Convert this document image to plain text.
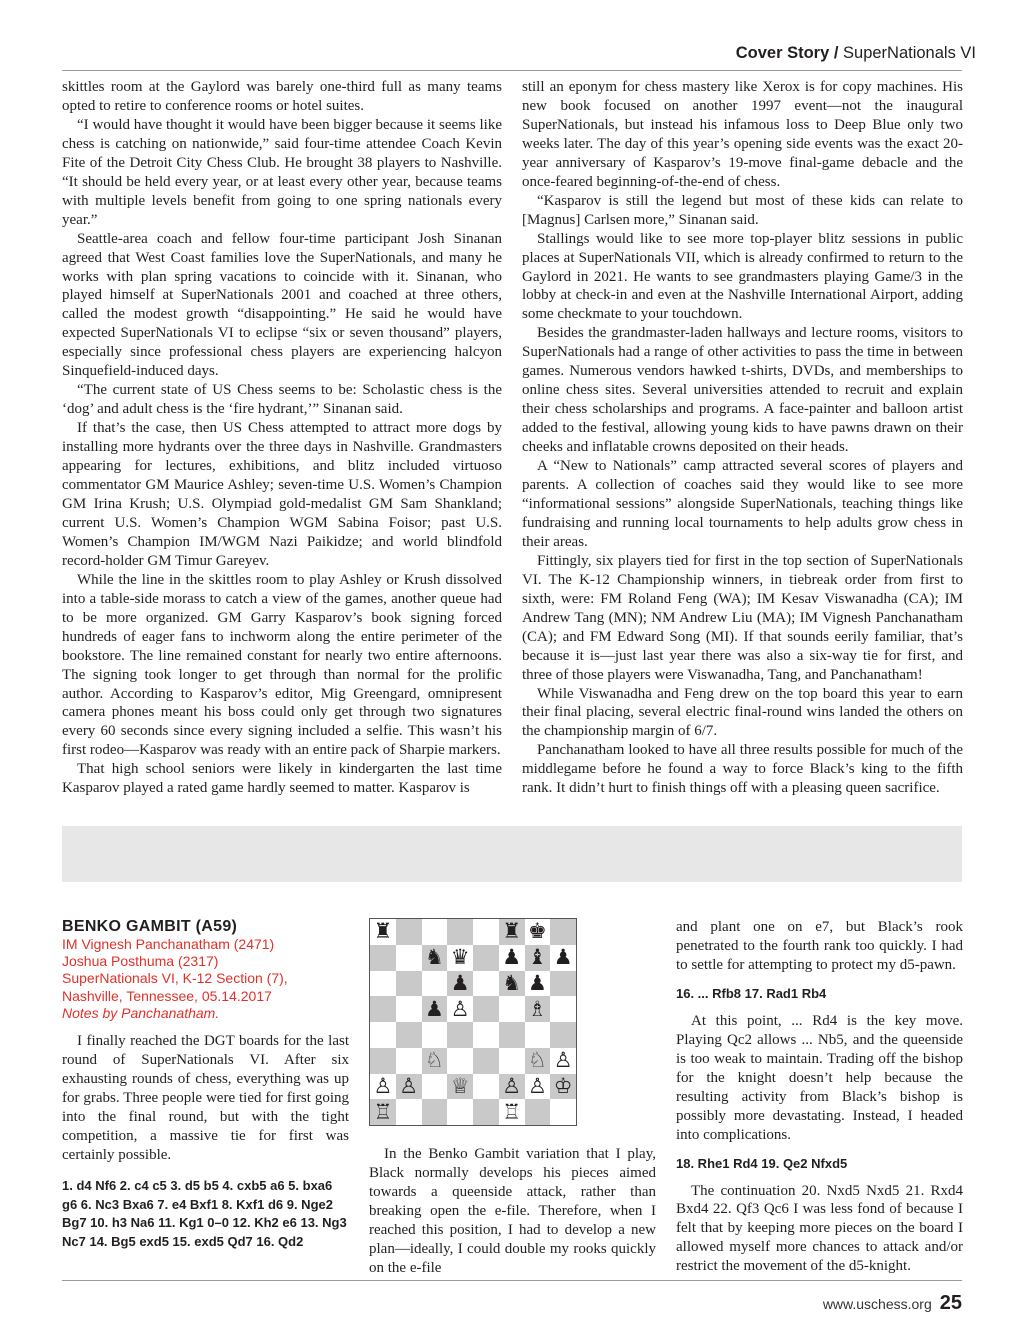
Cover Story / SuperNationals VI

skittles room at the Gaylord was barely one-third full as many teams opted to retire to conference rooms or hotel suites.

“I would have thought it would have been bigger because it seems like chess is catching on nationwide,” said four-time attendee Coach Kevin Fite of the Detroit City Chess Club. He brought 38 players to Nashville. “It should be held every year, or at least every other year, because teams with multiple levels benefit from going to one spring nationals every year.”

Seattle-area coach and fellow four-time participant Josh Sinanan agreed that West Coast families love the SuperNationals, and many he works with plan spring vacations to coincide with it. Sinanan, who played himself at SuperNationals 2001 and coached at three others, called the modest growth “disappointing.” He said he would have expected SuperNationals VI to eclipse “six or seven thousand” players, especially since professional chess players are experiencing halcyon Sinquefield-induced days.

“The current state of US Chess seems to be: Scholastic chess is the ‘dog’ and adult chess is the ‘fire hydrant,’” Sinanan said.

If that’s the case, then US Chess attempted to attract more dogs by installing more hydrants over the three days in Nashville. Grandmasters appearing for lectures, exhibitions, and blitz included virtuoso commentator GM Maurice Ashley; seven-time U.S. Women’s Champion GM Irina Krush; U.S. Olympiad gold-medalist GM Sam Shankland; current U.S. Women’s Champion WGM Sabina Foisor; past U.S. Women’s Champion IM/WGM Nazi Paikidze; and world blindfold record-holder GM Timur Gareyev.

While the line in the skittles room to play Ashley or Krush dissolved into a table-side morass to catch a view of the games, another queue had to be more organized. GM Garry Kasparov’s book signing forced hundreds of eager fans to inchworm along the entire perimeter of the bookstore. The line remained constant for nearly two entire afternoons. The signing took longer to get through than normal for the prolific author. According to Kasparov’s editor, Mig Greengard, omnipresent camera phones meant his boss could only get through two signatures every 60 seconds since every signing included a selfie. This wasn’t his first rodeo—Kasparov was ready with an entire pack of Sharpie markers.

That high school seniors were likely in kindergarten the last time Kasparov played a rated game hardly seemed to matter. Kasparov is

still an eponym for chess mastery like Xerox is for copy machines. His new book focused on another 1997 event—not the inaugural SuperNationals, but instead his infamous loss to Deep Blue only two weeks later. The day of this year’s opening side events was the exact 20-year anniversary of Kasparov’s 19-move final-game debacle and the once-feared beginning-of-the-end of chess.

“Kasparov is still the legend but most of these kids can relate to [Magnus] Carlsen more,” Sinanan said.

Stallings would like to see more top-player blitz sessions in public places at SuperNationals VII, which is already confirmed to return to the Gaylord in 2021. He wants to see grandmasters playing Game/3 in the lobby at check-in and even at the Nashville International Airport, adding some checkmate to your touchdown.

Besides the grandmaster-laden hallways and lecture rooms, visitors to SuperNationals had a range of other activities to pass the time in between games. Numerous vendors hawked t-shirts, DVDs, and memberships to online chess sites. Several universities attended to recruit and explain their chess scholarships and programs. A face-painter and balloon artist added to the festival, allowing young kids to have pawns drawn on their cheeks and inflatable crowns deposited on their heads.

A “New to Nationals” camp attracted several scores of players and parents. A collection of coaches said they would like to see more “informational sessions” alongside SuperNationals, teaching things like fundraising and running local tournaments to help adults grow chess in their areas.

Fittingly, six players tied for first in the top section of SuperNationals VI. The K-12 Championship winners, in tiebreak order from first to sixth, were: FM Roland Feng (WA); IM Kesav Viswanadha (CA); IM Andrew Tang (MN); NM Andrew Liu (MA); IM Vignesh Panchanatham (CA); and FM Edward Song (MI). If that sounds eerily familiar, that’s because it is—just last year there was also a six-way tie for first, and three of those players were Viswanadha, Tang, and Panchanatham!

While Viswanadha and Feng drew on the top board this year to earn their final placing, several electric final-round wins landed the others on the championship margin of 6/7.

Panchanatham looked to have all three results possible for much of the middlegame before he found a way to force Black’s king to the fifth rank. It didn’t hurt to finish things off with a pleasing queen sacrifice.

BENKO GAMBIT (A59)
IM Vignesh Panchanatham (2471)
Joshua Posthuma (2317)
SuperNationals VI, K-12 Section (7),
Nashville, Tennessee, 05.14.2017
Notes by Panchanatham.

I finally reached the DGT boards for the last round of SuperNationals VI. After six exhausting rounds of chess, everything was up for grabs. Three people were tied for first going into the final round, but with the tight competition, a massive tie for first was certainly possible.

1. d4 Nf6 2. c4 c5 3. d5 b5 4. cxb5 a6 5. bxa6 g6 6. Nc3 Bxa6 7. e4 Bxf1 8. Kxf1 d6 9. Nge2 Bg7 10. h3 Na6 11. Kg1 0–0 12. Kh2 e6 13. Ng3 Nc7 14. Bg5 exd5 15. exd5 Qd7 16. Qd2
♜	♜ ♚
♞ ♛ ♟ ♝ ♟
♟ ♞ ♟
♟ ♙	♗
♘	♘ ♙
♙ ♙ ♕ ♙ ♙ ♔
♖	♖

In the Benko Gambit variation that I play, Black normally develops his pieces aimed towards a queenside attack, rather than breaking open the e-file. Therefore, when I reached this position, I had to develop a new plan—ideally, I could double my rooks quickly on the e-file

and plant one on e7, but Black’s rook penetrated to the fourth rank too quickly. I had to settle for attempting to protect my d5-pawn.

16. ... Rfb8 17. Rad1 Rb4

At this point, ... Rd4 is the key move. Playing Qc2 allows ... Nb5, and the queenside is too weak to maintain. Trading off the bishop for the knight doesn’t help because the resulting activity from Black’s bishop is possibly more devastating. Instead, I headed into complications.

18. Rhe1 Rd4 19. Qe2 Nfxd5

The continuation 20. Nxd5 Nxd5 21. Rxd4 Bxd4 22. Qf3 Qc6 I was less fond of because I felt that by keeping more pieces on the board I allowed myself more chances to attack and/or restrict the movement of the d5-knight.

www.uschess.org 25
